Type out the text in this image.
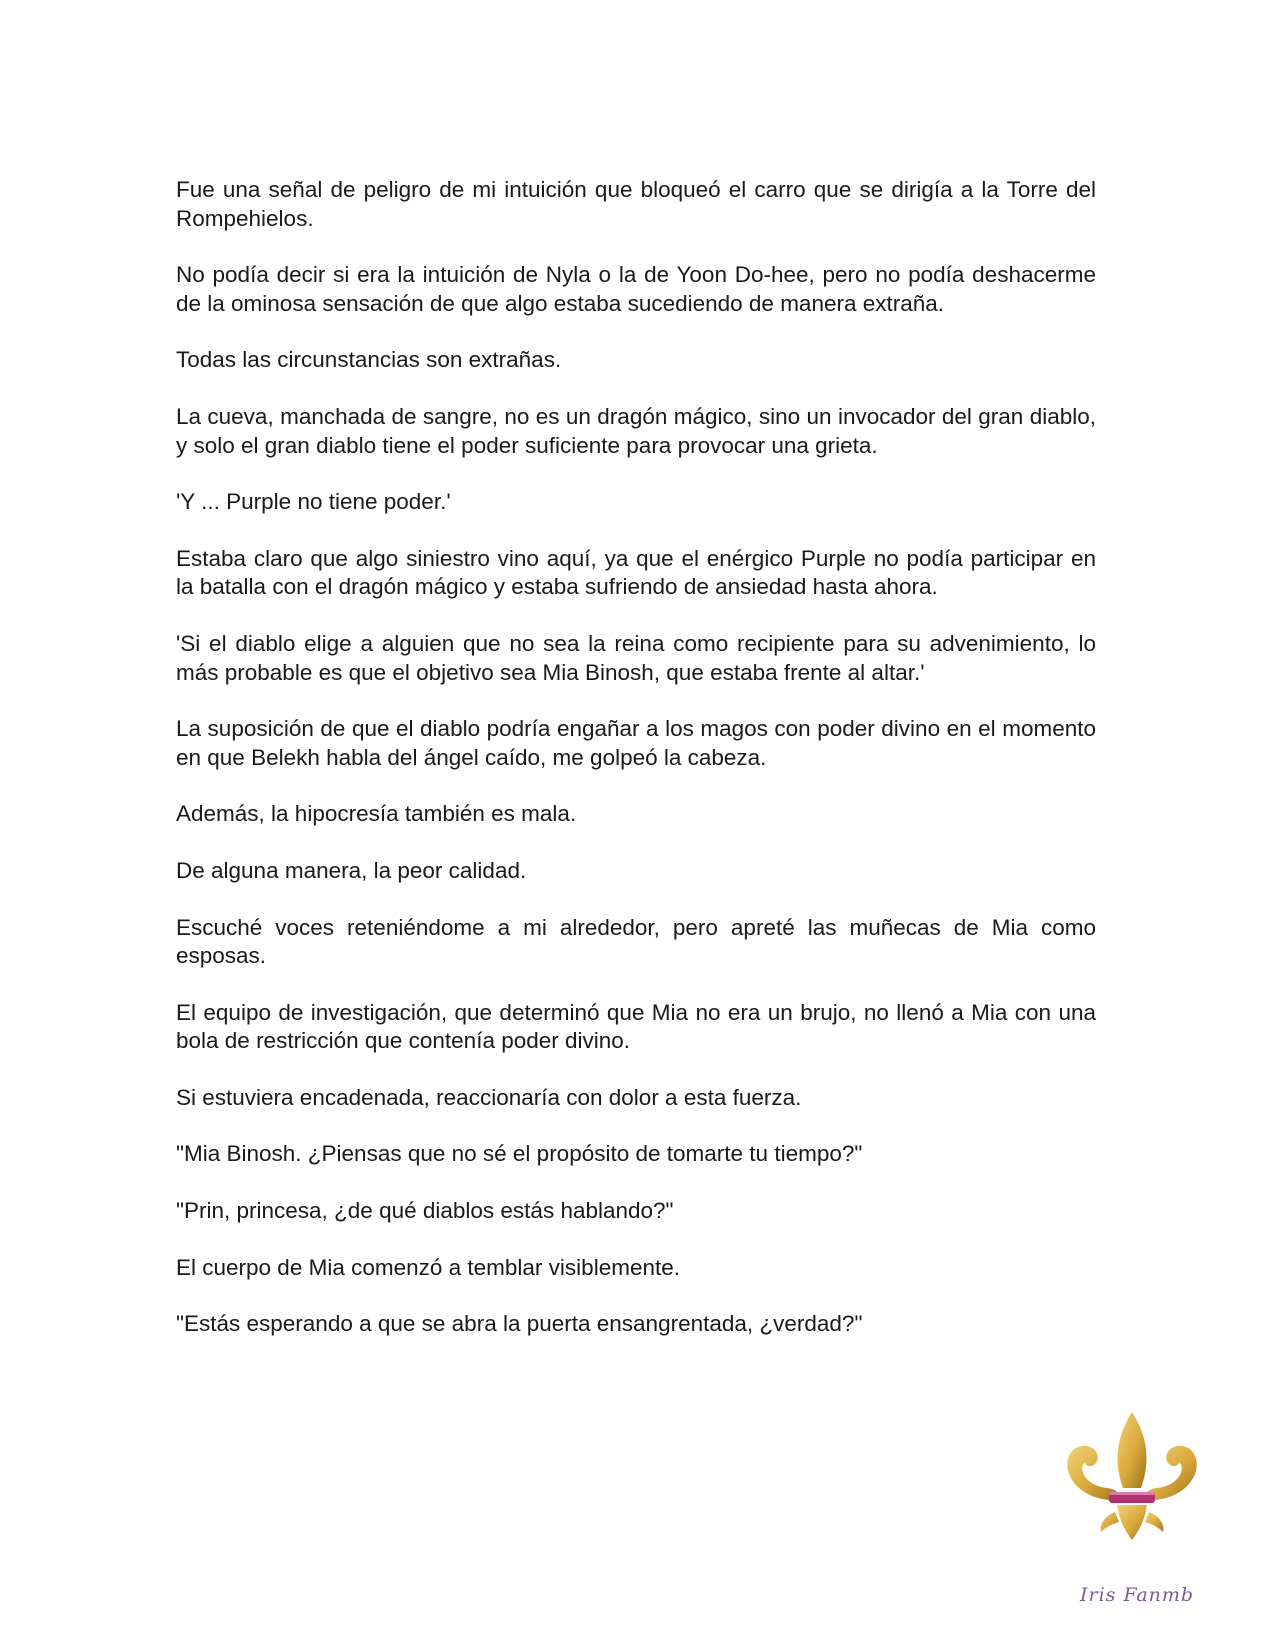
Fue una señal de peligro de mi intuición que bloqueó el carro que se dirigía a la Torre del Rompehielos.

No podía decir si era la intuición de Nyla o la de Yoon Do-hee, pero no podía deshacerme de la ominosa sensación de que algo estaba sucediendo de manera extraña.

Todas las circunstancias son extrañas.

La cueva, manchada de sangre, no es un dragón mágico, sino un invocador del gran diablo, y solo el gran diablo tiene el poder suficiente para provocar una grieta.

'Y ... Purple no tiene poder.'

Estaba claro que algo siniestro vino aquí, ya que el enérgico Purple no podía participar en la batalla con el dragón mágico y estaba sufriendo de ansiedad hasta ahora.

'Si el diablo elige a alguien que no sea la reina como recipiente para su advenimiento, lo más probable es que el objetivo sea Mia Binosh, que estaba frente al altar.'

La suposición de que el diablo podría engañar a los magos con poder divino en el momento en que Belekh habla del ángel caído, me golpeó la cabeza.

Además, la hipocresía también es mala.

De alguna manera, la peor calidad.

Escuché voces reteniéndome a mi alrededor, pero apreté las muñecas de Mia como esposas.

El equipo de investigación, que determinó que Mia no era un brujo, no llenó a Mia con una bola de restricción que contenía poder divino.

Si estuviera encadenada, reaccionaría con dolor a esta fuerza.

"Mia Binosh. ¿Piensas que no sé el propósito de tomarte tu tiempo?"

"Prin, princesa, ¿de qué diablos estás hablando?"

El cuerpo de Mia comenzó a temblar visiblemente.

"Estás esperando a que se abra la puerta ensangrentada, ¿verdad?"

Iris Fanmb
